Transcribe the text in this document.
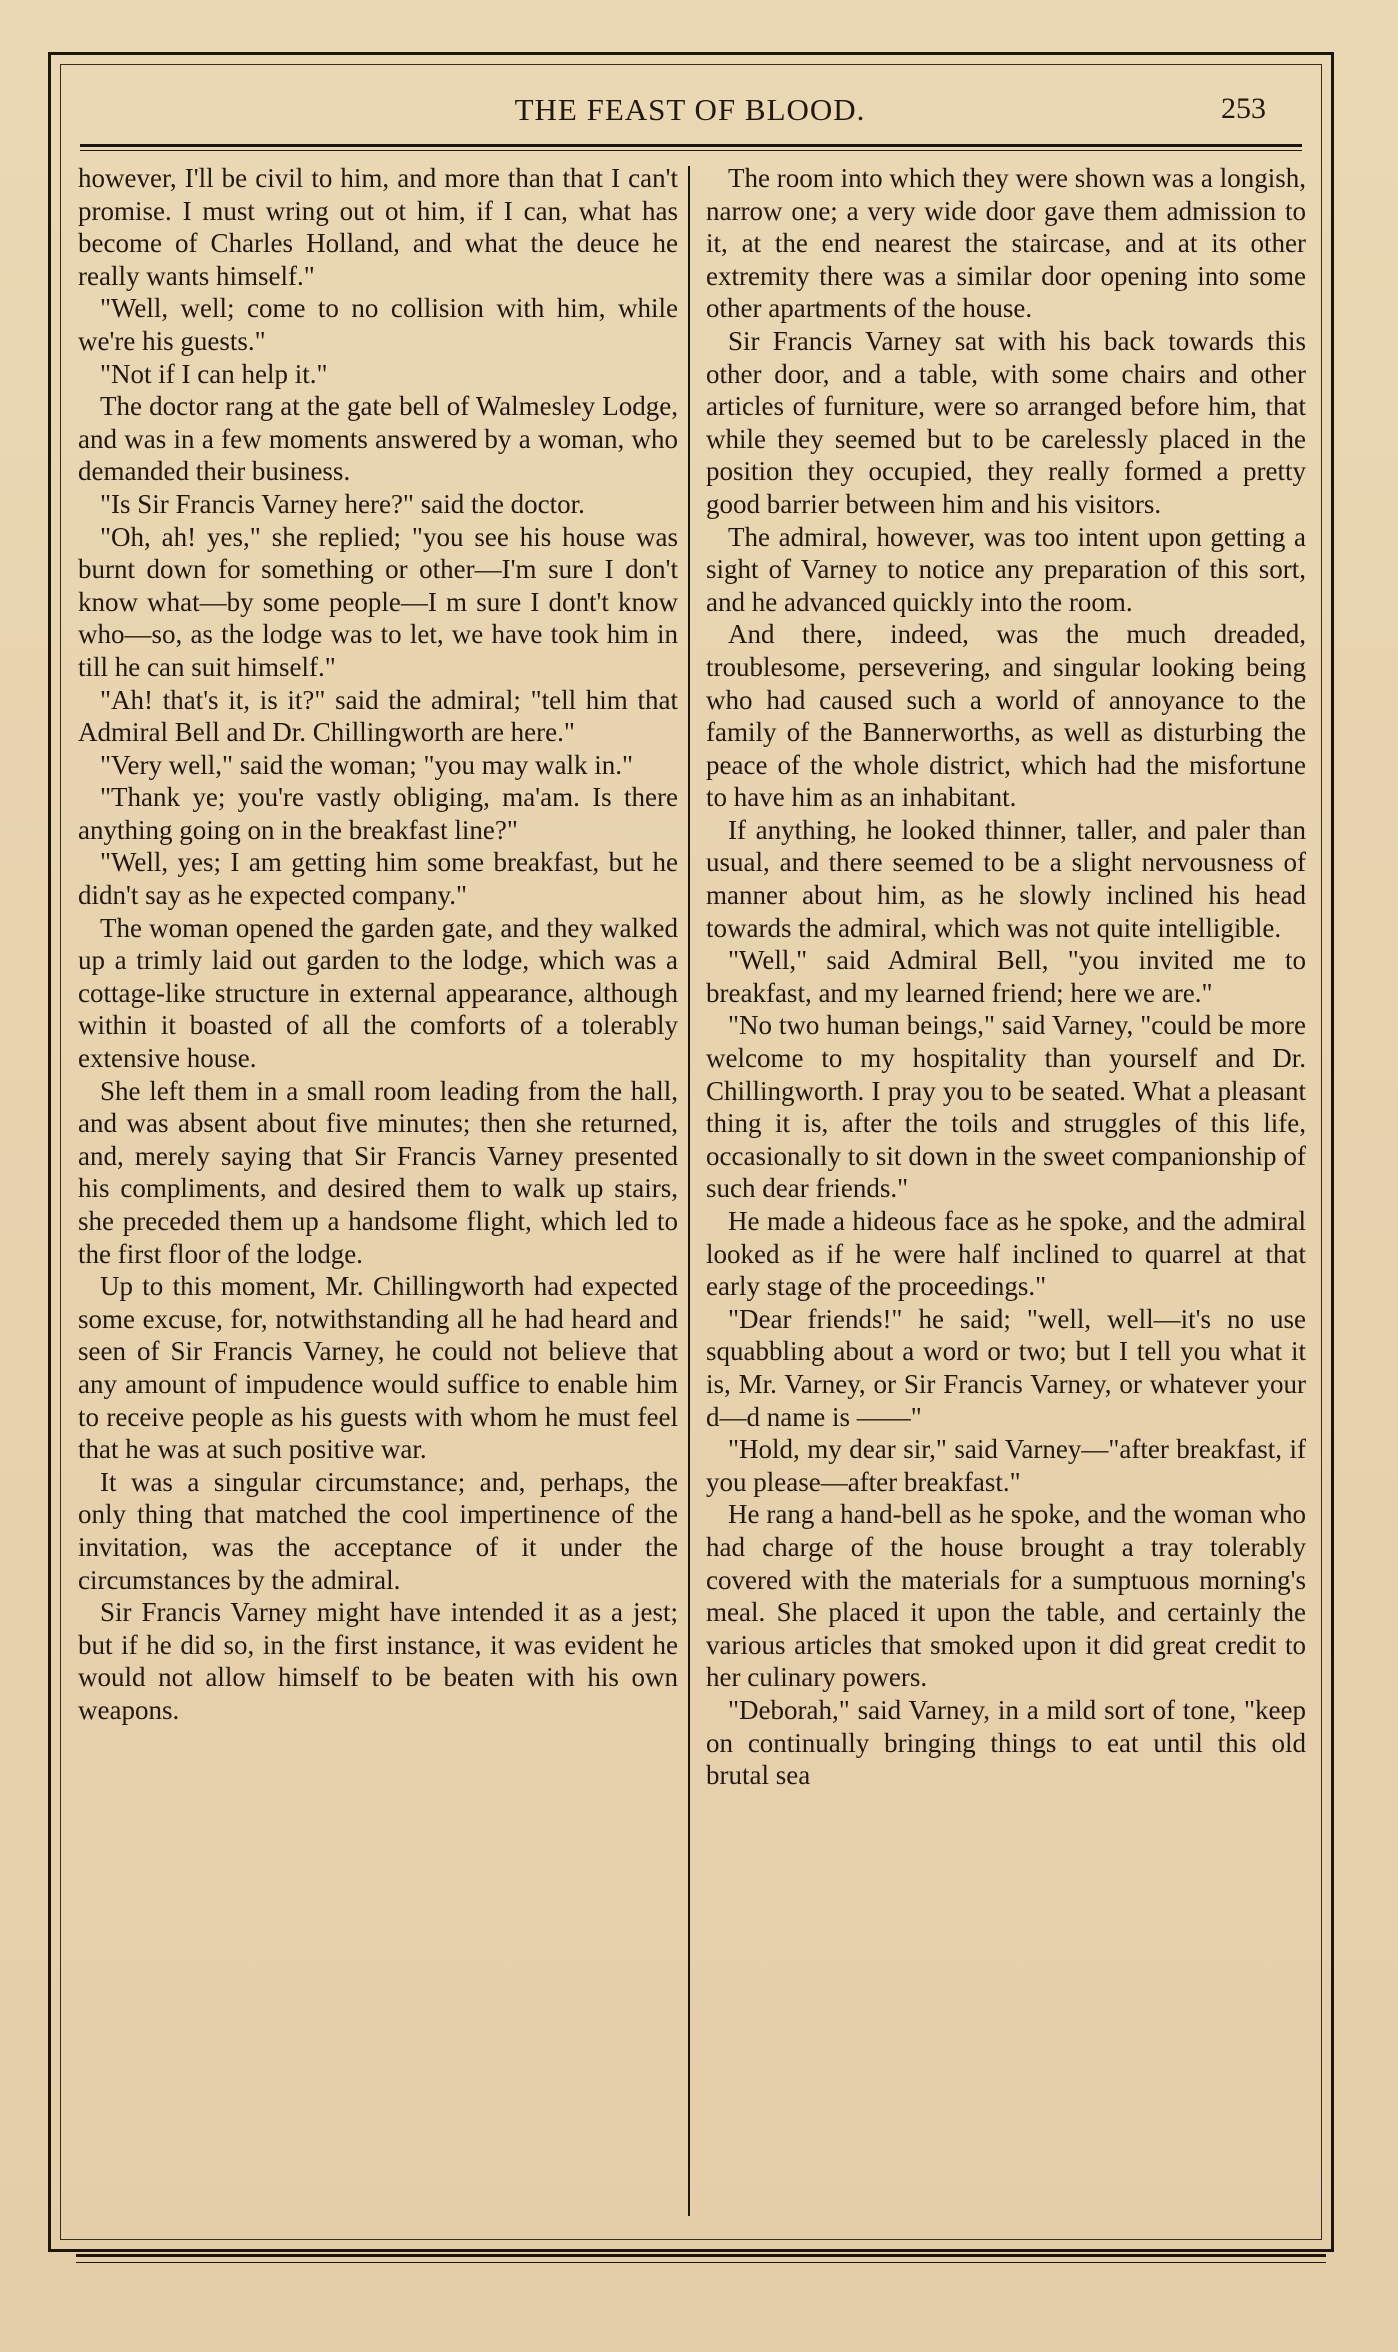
THE FEAST OF BLOOD.	253

however, I'll be civil to him, and more than that I can't promise. I must wring out ot him, if I can, what has become of Charles Holland, and what the deuce he really wants himself."

"Well, well; come to no collision with him, while we're his guests."

"Not if I can help it."

The doctor rang at the gate bell of Walmesley Lodge, and was in a few moments answered by a woman, who demanded their business.

"Is Sir Francis Varney here?" said the doctor.

"Oh, ah! yes," she replied; "you see his house was burnt down for something or other—I'm sure I don't know what—by some people—I m sure I dont't know who—so, as the lodge was to let, we have took him in till he can suit himself."

"Ah! that's it, is it?" said the admiral; "tell him that Admiral Bell and Dr. Chillingworth are here."

"Very well," said the woman; "you may walk in."

"Thank ye; you're vastly obliging, ma'am. Is there anything going on in the breakfast line?"

"Well, yes; I am getting him some breakfast, but he didn't say as he expected company."

The woman opened the garden gate, and they walked up a trimly laid out garden to the lodge, which was a cottage-like structure in external appearance, although within it boasted of all the comforts of a tolerably extensive house.

She left them in a small room leading from the hall, and was absent about five minutes; then she returned, and, merely saying that Sir Francis Varney presented his compliments, and desired them to walk up stairs, she preceded them up a handsome flight, which led to the first floor of the lodge.

Up to this moment, Mr. Chillingworth had expected some excuse, for, notwithstanding all he had heard and seen of Sir Francis Varney, he could not believe that any amount of impudence would suffice to enable him to receive people as his guests with whom he must feel that he was at such positive war.

It was a singular circumstance; and, perhaps, the only thing that matched the cool impertinence of the invitation, was the acceptance of it under the circumstances by the admiral.

Sir Francis Varney might have intended it as a jest; but if he did so, in the first instance, it was evident he would not allow himself to be beaten with his own weapons.

The room into which they were shown was a longish, narrow one; a very wide door gave them admission to it, at the end nearest the staircase, and at its other extremity there was a similar door opening into some other apartments of the house.

Sir Francis Varney sat with his back towards this other door, and a table, with some chairs and other articles of furniture, were so arranged before him, that while they seemed but to be carelessly placed in the position they occupied, they really formed a pretty good barrier between him and his visitors.

The admiral, however, was too intent upon getting a sight of Varney to notice any preparation of this sort, and he advanced quickly into the room.

And there, indeed, was the much dreaded, troublesome, persevering, and singular looking being who had caused such a world of annoyance to the family of the Bannerworths, as well as disturbing the peace of the whole district, which had the misfortune to have him as an inhabitant.

If anything, he looked thinner, taller, and paler than usual, and there seemed to be a slight nervousness of manner about him, as he slowly inclined his head towards the admiral, which was not quite intelligible.

"Well," said Admiral Bell, "you invited me to breakfast, and my learned friend; here we are."

"No two human beings," said Varney, "could be more welcome to my hospitality than yourself and Dr. Chillingworth. I pray you to be seated. What a pleasant thing it is, after the toils and struggles of this life, occasionally to sit down in the sweet companionship of such dear friends."

He made a hideous face as he spoke, and the admiral looked as if he were half inclined to quarrel at that early stage of the proceedings."

"Dear friends!" he said; "well, well—it's no use squabbling about a word or two; but I tell you what it is, Mr. Varney, or Sir Francis Varney, or whatever your d—d name is ——"

"Hold, my dear sir," said Varney—"after breakfast, if you please—after breakfast."

He rang a hand-bell as he spoke, and the woman who had charge of the house brought a tray tolerably covered with the materials for a sumptuous morning's meal. She placed it upon the table, and certainly the various articles that smoked upon it did great credit to her culinary powers.

"Deborah," said Varney, in a mild sort of tone, "keep on continually bringing things to eat until this old brutal sea
